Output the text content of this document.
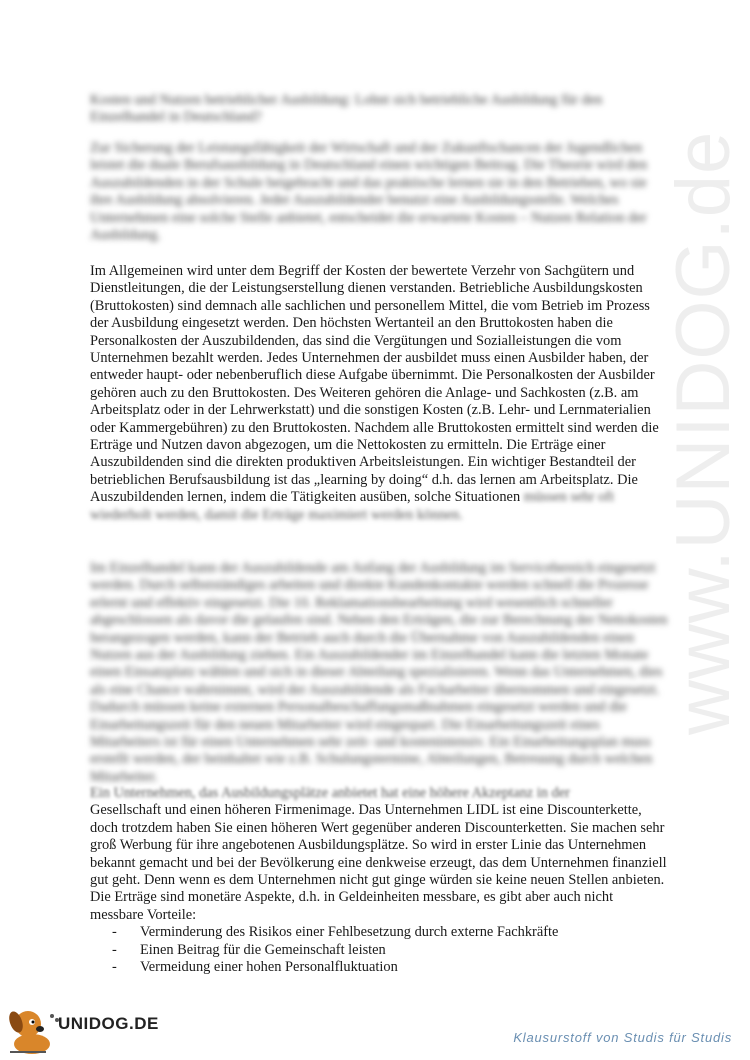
www.UNIDOG.de
Kosten und Nutzen betrieblicher Ausbildung: Lohnt sich betriebliche Ausbildung für den Einzelhandel in Deutschland?
Zur Sicherung der Leistungsfähigkeit der Wirtschaft und der Zukunftschancen der Jugendlichen leistet die duale Berufsausbildung in Deutschland einen wichtigen Beitrag. Die Theorie wird den Auszubildenden in der Schule beigebracht und das praktische lernen sie in den Betrieben, wo sie ihre Ausbildung absolvieren. Jeder Auszubildender benutzt eine Ausbildungsstelle. Welches Unternehmen eine solche Stelle anbietet, entscheidet die erwartete Kosten – Nutzen Relation der Ausbildung.
Im Allgemeinen wird unter dem Begriff der Kosten der bewertete Verzehr von Sachgütern und Dienstleitungen, die der Leistungserstellung dienen verstanden. Betriebliche Ausbildungskosten (Bruttokosten) sind demnach alle sachlichen und personellem Mittel, die vom Betrieb im Prozess der Ausbildung eingesetzt werden. Den höchsten Wertanteil an den Bruttokosten haben die Personalkosten der Auszubildenden, das sind die Vergütungen und Sozialleistungen die vom Unternehmen bezahlt werden. Jedes Unternehmen der ausbildet muss einen Ausbilder haben, der entweder haupt- oder nebenberuflich diese Aufgabe übernimmt. Die Personalkosten der Ausbilder gehören auch zu den Bruttokosten. Des Weiteren gehören die Anlage- und Sachkosten (z.B. am Arbeitsplatz oder in der Lehrwerkstatt) und die sonstigen Kosten (z.B. Lehr- und Lernmaterialien oder Kammergebühren) zu den Bruttokosten. Nachdem alle Bruttokosten ermittelt sind werden die Erträge und Nutzen davon abgezogen, um die Nettokosten zu ermitteln. Die Erträge einer Auszubildenden sind die direkten produktiven Arbeitsleistungen. Ein wichtiger Bestandteil der betrieblichen Berufsausbildung ist das „learning by doing“ d.h. das lernen am Arbeitsplatz. Die Auszubildenden lernen, indem die Tätigkeiten ausüben, solche Situationen müssen sehr oft wiederholt werden, damit die Erträge maximiert werden können.
Im Einzelhandel kann der Auszubildende am Anfang der Ausbildung im Servicebereich eingesetzt werden. Durch selbstständiges arbeiten und direkte Kundenkontakte werden schnell die Prozesse erlernt und effektiv eingesetzt. Die 10. Reklamationsbearbeitung wird wesentlich schneller abgeschlossen als davor die gelaufen sind. Neben den Erträgen, die zur Berechnung der Nettokosten herangezogen werden, kann der Betrieb auch durch die Übernahme von Auszubildenden einen Nutzen aus der Ausbildung ziehen. Ein Auszubildender im Einzelhandel kann die letzten Monate einen Einsatzplatz wählen und sich in dieser Abteilung spezialisieren. Wenn das Unternehmen, dies als eine Chance wahrnimmt, wird der Auszubildende als Facharbeiter übernommen und eingesetzt. Dadurch müssen keine externen Personalbeschaffungsmaßnahmen eingesetzt werden und die Einarbeitungszeit für den neuen Mitarbeiter wird eingespart. Die Einarbeitungszeit eines Mitarbeiters ist für einen Unternehmen sehr zeit- und kostenintensiv. Ein Einarbeitungsplan muss erstellt werden, der beinhaltet wie z.B. Schulungstermine, Abteilungen, Betreuung durch welchen Mitarbeiter.
Ein Unternehmen, das Ausbildungsplätze anbietet hat eine höhere Akzeptanz in der
Gesellschaft und einen höheren Firmenimage. Das Unternehmen LIDL ist eine Discounterkette, doch trotzdem haben Sie einen höheren Wert gegenüber anderen Discounterketten. Sie machen sehr groß Werbung für ihre angebotenen Ausbildungsplätze. So wird in erster Linie das Unternehmen bekannt gemacht und bei der Bevölkerung eine denkweise erzeugt, das dem Unternehmen finanziell gut geht. Denn wenn es dem Unternehmen nicht gut ginge würden sie keine neuen Stellen anbieten. Die Erträge sind monetäre Aspekte, d.h. in Geldeinheiten messbare, es gibt aber auch nicht messbare Vorteile:
- Verminderung des Risikos einer Fehlbesetzung durch externe Fachkräfte
- Einen Beitrag für die Gemeinschaft leisten
- Vermeidung einer hohen Personalfluktuation
UNIDOG.DE
Klausurstoff von Studis für Studis
